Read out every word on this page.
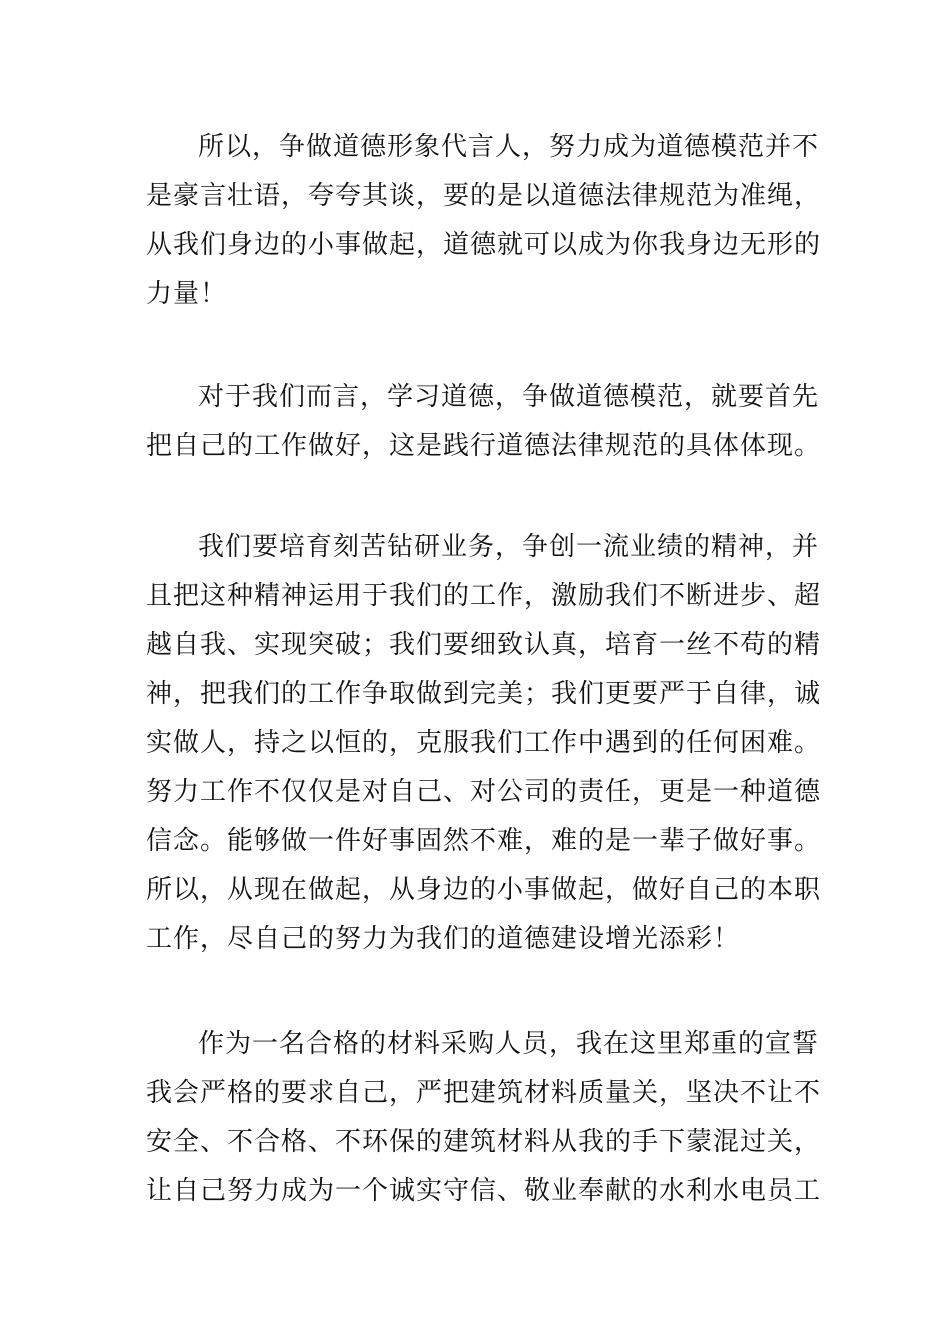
所以，争做道德形象代言人，努力成为道德模范并不
是豪言壮语，夸夸其谈，要的是以道德法律规范为准绳，
从我们身边的小事做起，道德就可以成为你我身边无形的
力量！
对于我们而言，学习道德，争做道德模范，就要首先
把自己的工作做好，这是践行道德法律规范的具体体现。
我们要培育刻苦钻研业务，争创一流业绩的精神，并
且把这种精神运用于我们的工作，激励我们不断进步、超
越自我、实现突破；我们要细致认真，培育一丝不苟的精
神，把我们的工作争取做到完美；我们更要严于自律，诚
实做人，持之以恒的，克服我们工作中遇到的任何困难。
努力工作不仅仅是对自己、对公司的责任，更是一种道德
信念。能够做一件好事固然不难，难的是一辈子做好事。
所以，从现在做起，从身边的小事做起，做好自己的本职
工作，尽自己的努力为我们的道德建设增光添彩！
作为一名合格的材料采购人员，我在这里郑重的宣誓
我会严格的要求自己，严把建筑材料质量关，坚决不让不
安全、不合格、不环保的建筑材料从我的手下蒙混过关，
让自己努力成为一个诚实守信、敬业奉献的水利水电员工
